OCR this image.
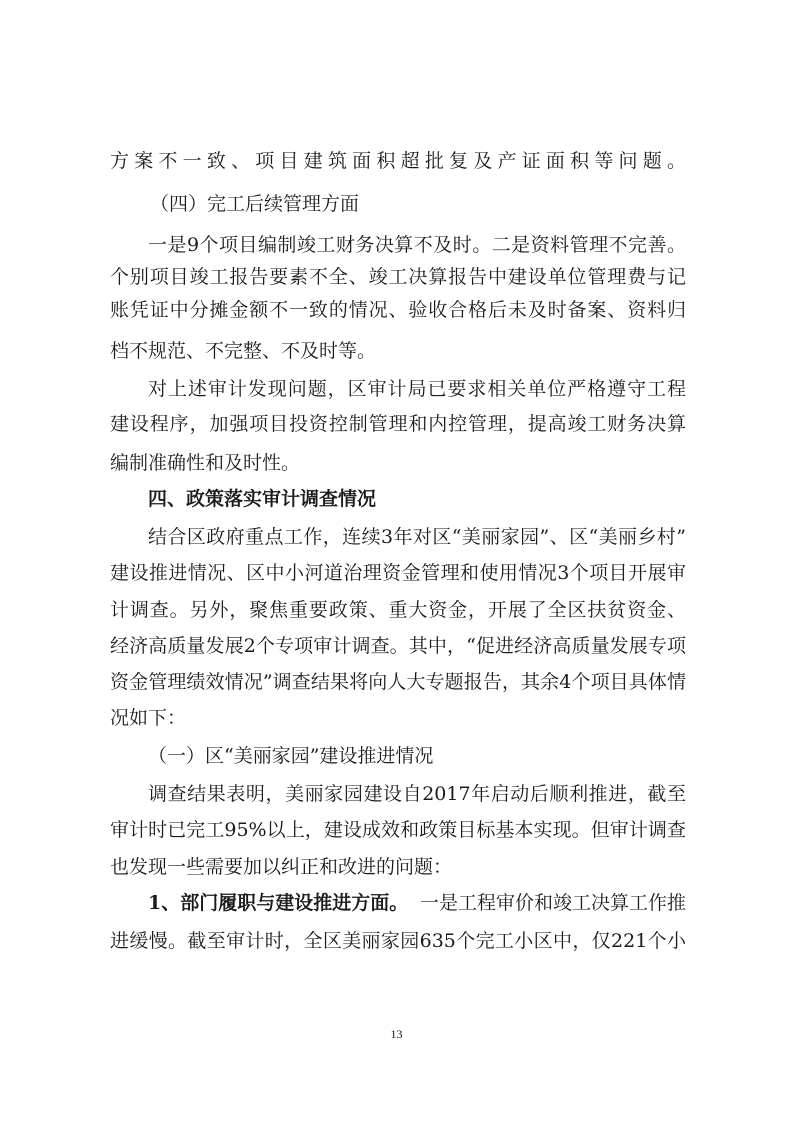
方案不一致、项目建筑面积超批复及产证面积等问题。
（四）完工后续管理方面
一是9个项目编制竣工财务决算不及时。二是资料管理不完善。
个别项目竣工报告要素不全、竣工决算报告中建设单位管理费与记
账凭证中分摊金额不一致的情况、验收合格后未及时备案、资料归
档不规范、不完整、不及时等。
对上述审计发现问题，区审计局已要求相关单位严格遵守工程
建设程序，加强项目投资控制管理和内控管理，提高竣工财务决算
编制准确性和及时性。
四、政策落实审计调查情况
结合区政府重点工作，连续3年对区“美丽家园”、区“美丽乡村”
建设推进情况、区中小河道治理资金管理和使用情况3个项目开展审
计调查。另外，聚焦重要政策、重大资金，开展了全区扶贫资金、
经济高质量发展2个专项审计调查。其中，“促进经济高质量发展专项
资金管理绩效情况”调查结果将向人大专题报告，其余4个项目具体情
况如下：
（一）区“美丽家园”建设推进情况
调查结果表明，美丽家园建设自2017年启动后顺利推进，截至
审计时已完工95%以上，建设成效和政策目标基本实现。但审计调查
也发现一些需要加以纠正和改进的问题：
1、部门履职与建设推进方面。 一是工程审价和竣工决算工作推
进缓慢。截至审计时，全区美丽家园635个完工小区中，仅221个小
13
